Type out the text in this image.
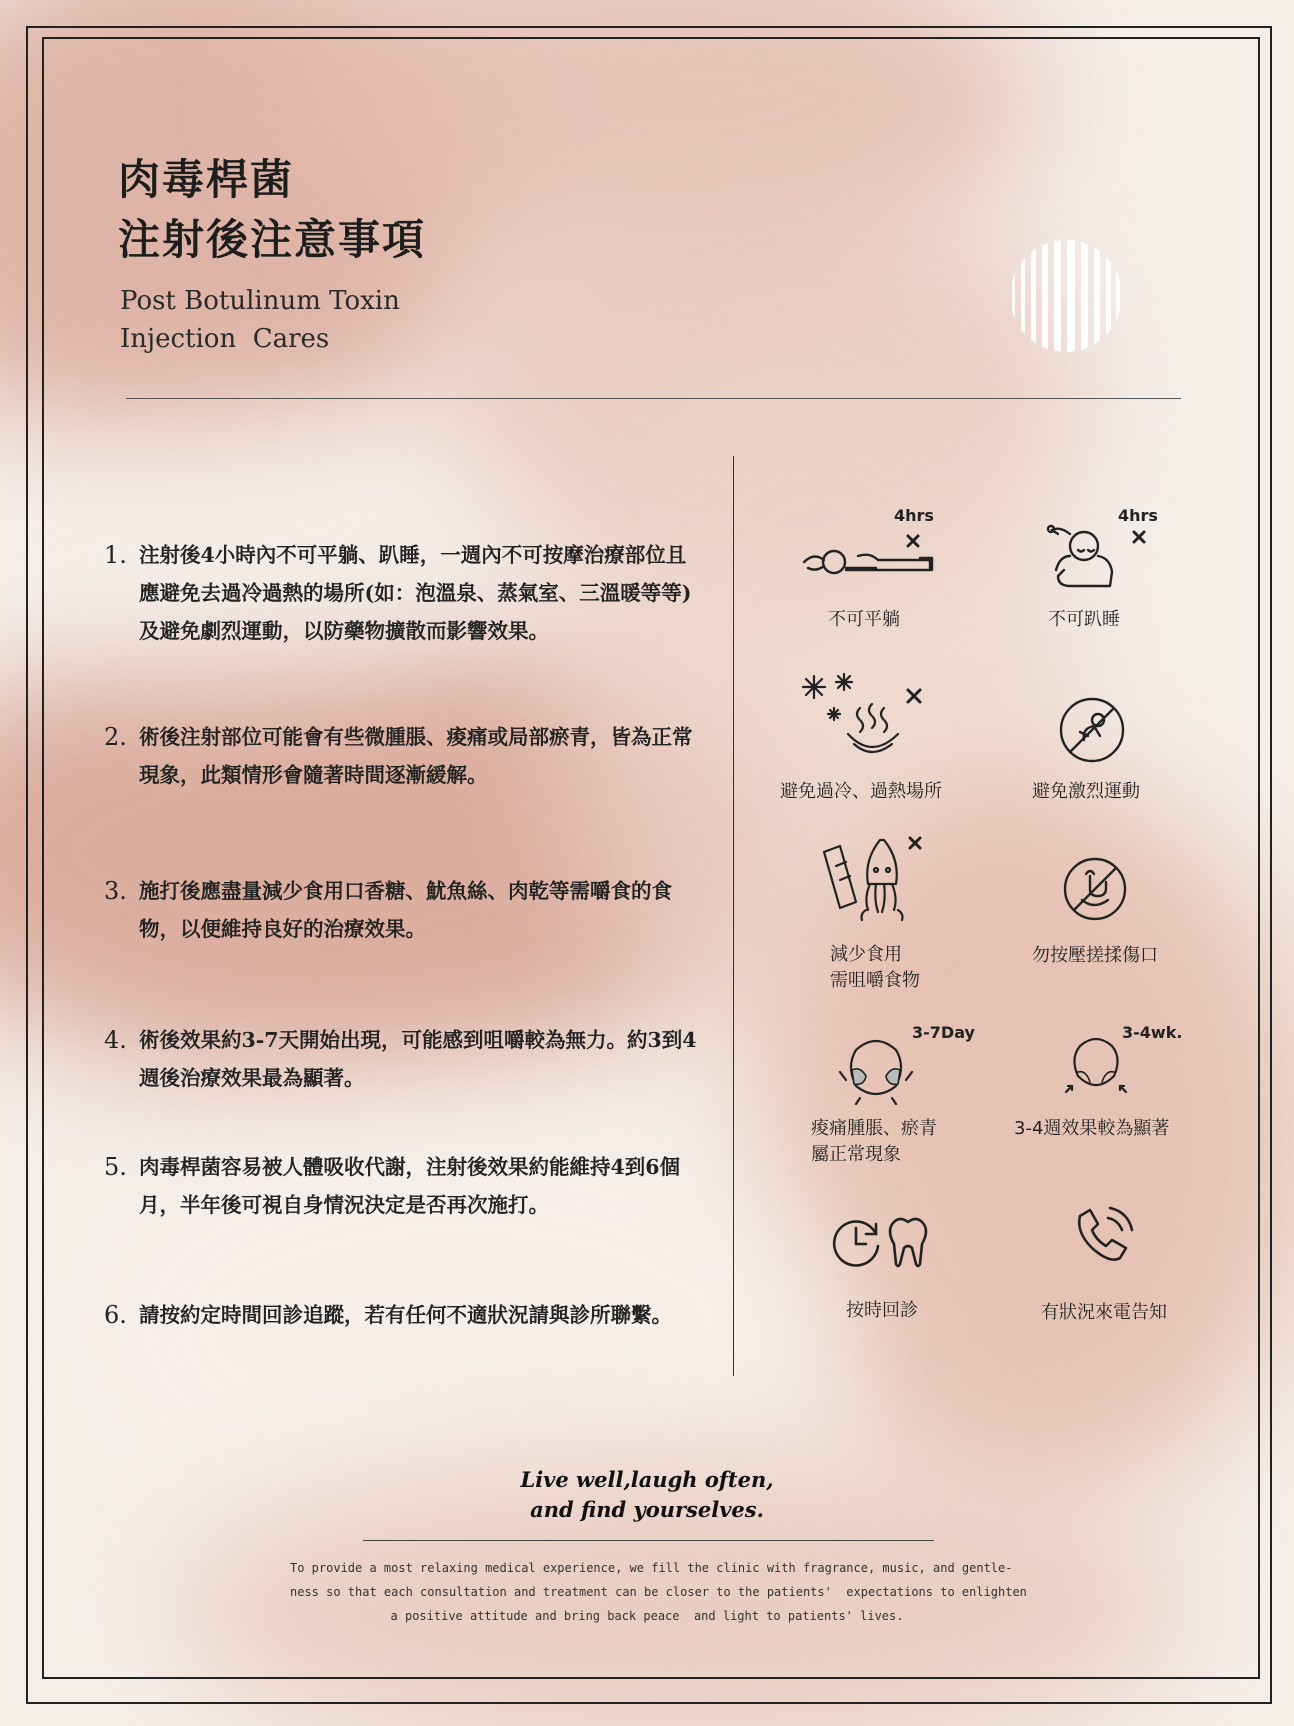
肉毒桿菌
注射後注意事項
Post Botulinum Toxin
Injection  Cares
1. 注射後4小時內不可平躺、趴睡，一週內不可按摩治療部位且應避免去過冷過熱的場所(如：泡溫泉、蒸氣室、三溫暖等等)及避免劇烈運動，以防藥物擴散而影響效果。
2. 術後注射部位可能會有些微腫脹、痠痛或局部瘀青，皆為正常現象，此類情形會隨著時間逐漸緩解。
3. 施打後應盡量減少食用口香糖、魷魚絲、肉乾等需嚼食的食物，以便維持良好的治療效果。
4. 術後效果約3-7天開始出現，可能感到咀嚼較為無力。約3到4週後治療效果最為顯著。
5. 肉毒桿菌容易被人體吸收代謝，注射後效果約能維持4到6個月，半年後可視自身情況決定是否再次施打。
6. 請按約定時間回診追蹤，若有任何不適狀況請與診所聯繫。
4hrs
不可平躺
4hrs
不可趴睡
避免過冷、過熱場所	避免激烈運動
減少食用
需咀嚼食物
勿按壓搓揉傷口
3-7Day
痠痛腫脹、瘀青
屬正常現象
3-4wk.
3-4週效果較為顯著
按時回診	有狀況來電告知
Live well,laugh often,
and find yourselves.
To provide a most relaxing medical experience, we fill the clinic with fragrance, music, and gentle-
ness so that each consultation and treatment can be closer to the patients'  expectations to enlighten
a positive attitude and bring back peace  and light to patients' lives.
